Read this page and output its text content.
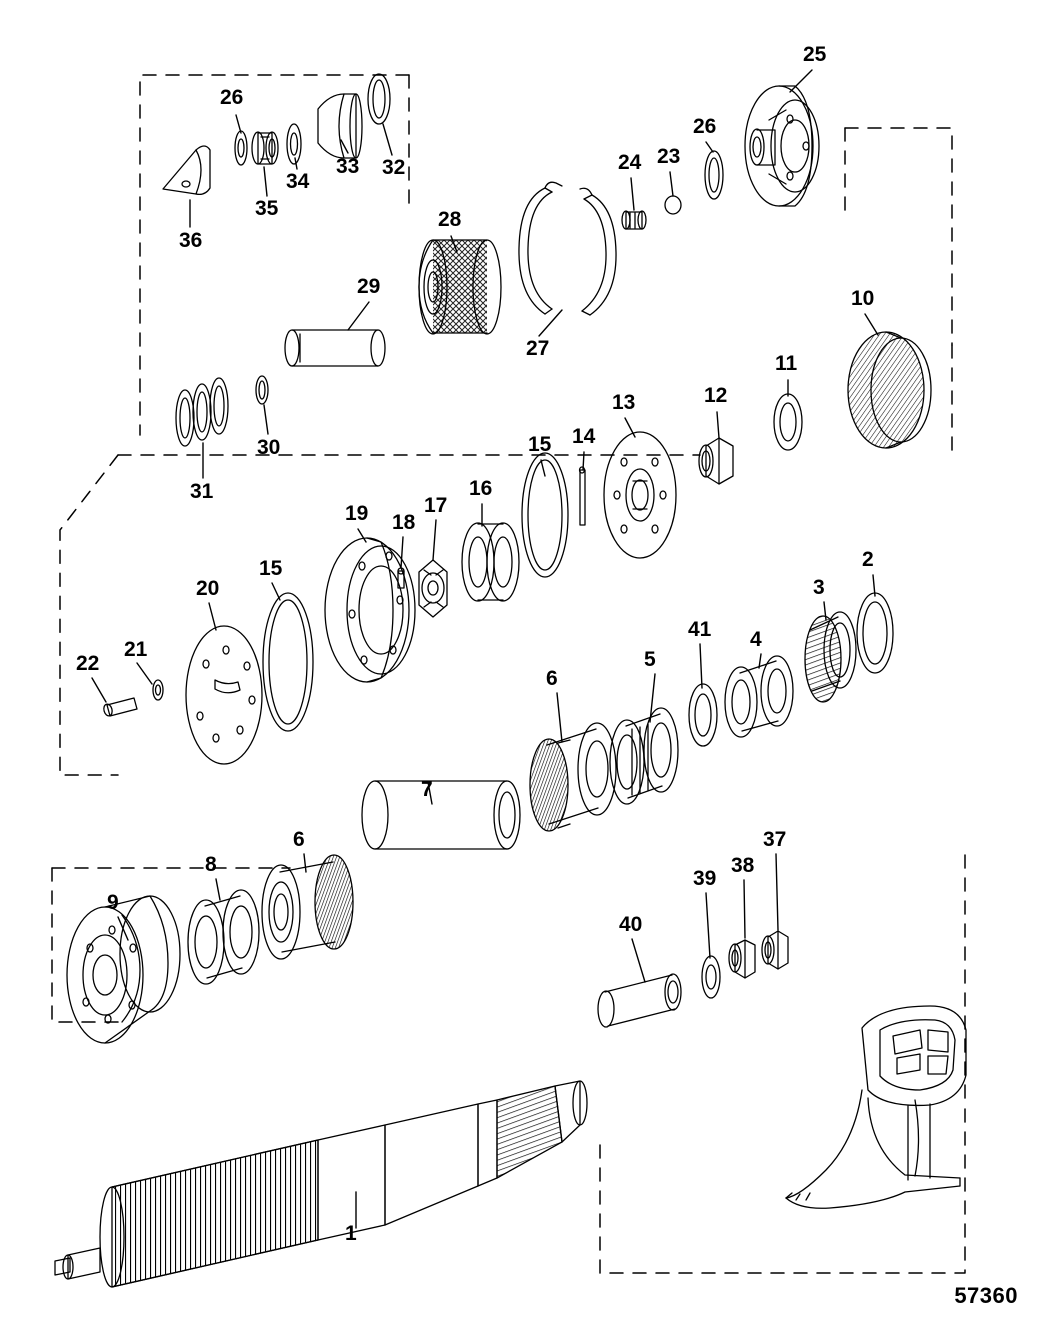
1
2
3
4
5
6
6
7
8
9
10
11
12
13
14
15
15
16
17
18
19
20
21
22
23
24
25
26
26
27
28
29
30
31
32
33
34
35
36
37
38
39
40
41
57360
